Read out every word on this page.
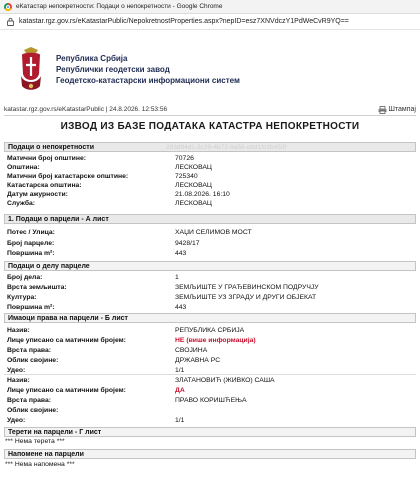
еКатастар непокретности: Подаци о непокретности - Google Chrome
katastar.rgz.gov.rs/eKatastarPublic/NepokretnostProperties.aspx?nepID=esz7XNVdczY1PdWeCvR9YQ==
Република Србија
Републички геодетски завод
Геодетско-катастарски информациони систем
katastar.rgz.gov.rs/eKatastarPublic | 24.8.2026. 12:53:56	Штампај
ИЗВОД ИЗ БАЗЕ ПОДАТАКА КАТАСТРА НЕПОКРЕТНОСТИ
Подаци о непокретности	293d94d1-3c39-4b72-8a58-ebd1fd3b453f
Матични број општине:	70726
Општина:	ЛЕСКОВАЦ
Матични број катастарске општине:	725340
Катастарска општина:	ЛЕСКОВАЦ
Датум ажурности:	21.08.2026. 16:10
Служба:	ЛЕСКОВАЦ
1. Подаци о парцели - А лист
Потес / Улица:	ХАЏИ СЕЛИМОВ МОСТ
Број парцеле:	9428/17
Површина m²:	443
Подаци о делу парцеле
Број дела:	1
Врста земљишта:	ЗЕМЉИШТЕ У ГРАЂЕВИНСКОМ ПОДРУЧЈУ
Култура:	ЗЕМЉИШТЕ УЗ ЗГРАДУ И ДРУГИ ОБЈЕКАТ
Површина m²:	443
Имаоци права на парцели - Б лист
Назив:	РЕПУБЛИКА СРБИЈА
Лице уписано са матичним бројем:	НЕ (више информација)
Врста права:	СВОЈИНА
Облик својине:	ДРЖАВНА РС
Удео:	1/1
Назив:	ЗЛАТАНОВИЋ (ЖИВКО) САША
Лице уписано са матичним бројем:	ДА
Врста права:	ПРАВО КОРИШЋЕЊА
Облик својине:
Удео:	1/1
Терети на парцели - Г лист
*** Нема терета ***
Напомене на парцели
*** Нема напомена ***
